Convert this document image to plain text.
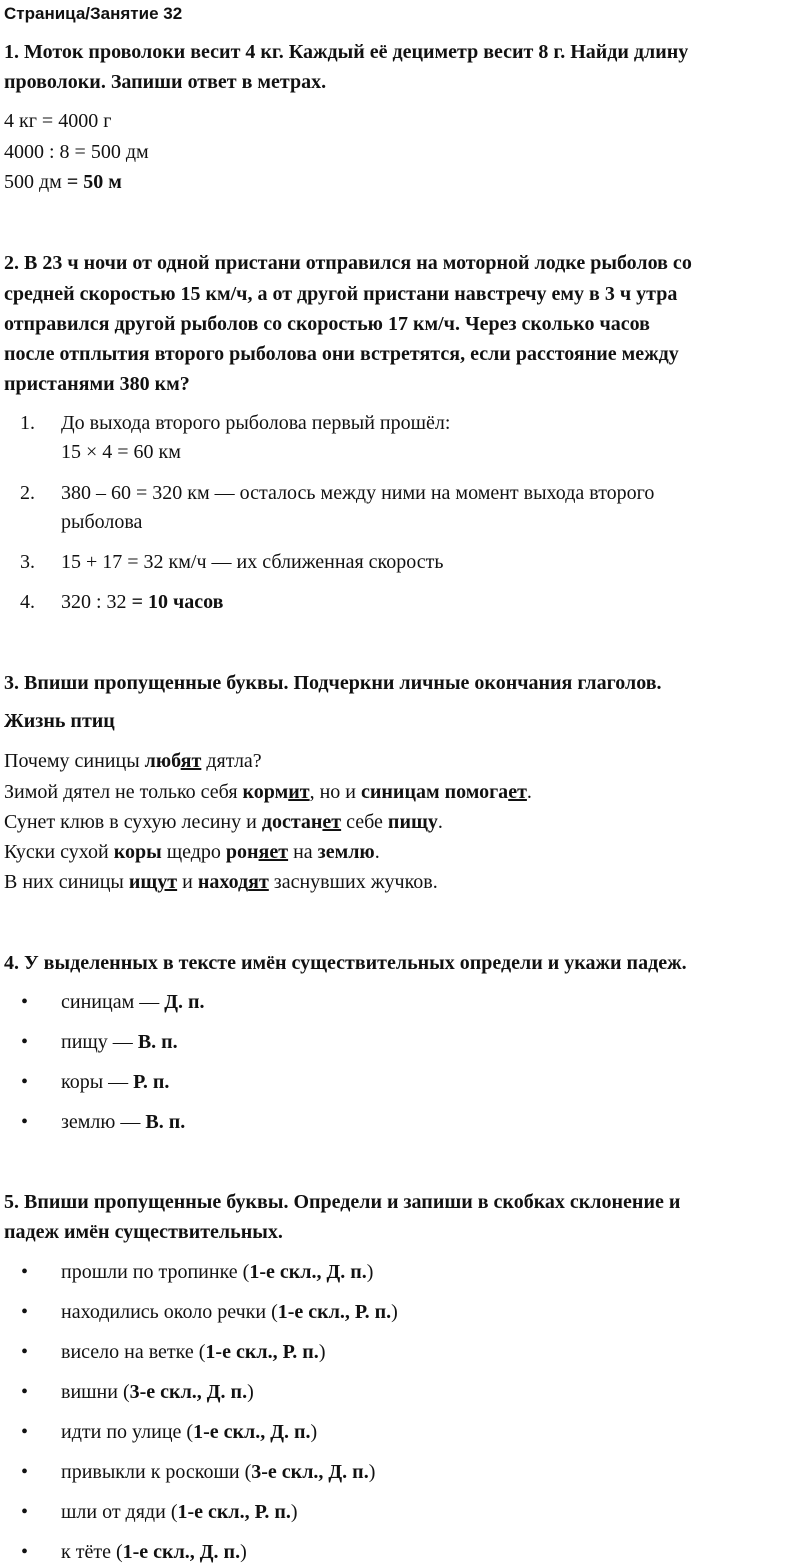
Страница/Занятие 32
1. Моток проволоки весит 4 кг. Каждый её дециметр весит 8 г. Найди длину
проволоки. Запиши ответ в метрах.
4 кг = 4000 г
4000 : 8 = 500 дм
500 дм = 50 м
2. В 23 ч ночи от одной пристани отправился на моторной лодке рыболов со
средней скоростью 15 км/ч, а от другой пристани навстречу ему в 3 ч утра
отправился другой рыболов со скоростью 17 км/ч. Через сколько часов
после отплытия второго рыболова они встретятся, если расстояние между
пристанями 380 км?
1. До выхода второго рыболова первый прошёл:
15 × 4 = 60 км
2. 380 – 60 = 320 км — осталось между ними на момент выхода второго
рыболова
3. 15 + 17 = 32 км/ч — их сближенная скорость
4. 320 : 32 = 10 часов
3. Впиши пропущенные буквы. Подчеркни личные окончания глаголов.
Жизнь птиц
Почему синицы любят дятла?
Зимой дятел не только себя кормит, но и синицам помогает.
Сунет клюв в сухую лесину и достанет себе пищу.
Куски сухой коры щедро роняет на землю.
В них синицы ищут и находят заснувших жучков.
4. У выделенных в тексте имён существительных определи и укажи падеж.
• синицам — Д. п.
• пищу — В. п.
• коры — Р. п.
• землю — В. п.
5. Впиши пропущенные буквы. Определи и запиши в скобках склонение и
падеж имён существительных.
• прошли по тропинке (1-е скл., Д. п.)
• находились около речки (1-е скл., Р. п.)
• висело на ветке (1-е скл., Р. п.)
• вишни (3-е скл., Д. п.)
• идти по улице (1-е скл., Д. п.)
• привыкли к роскоши (3-е скл., Д. п.)
• шли от дяди (1-е скл., Р. п.)
• к тёте (1-е скл., Д. п.)
